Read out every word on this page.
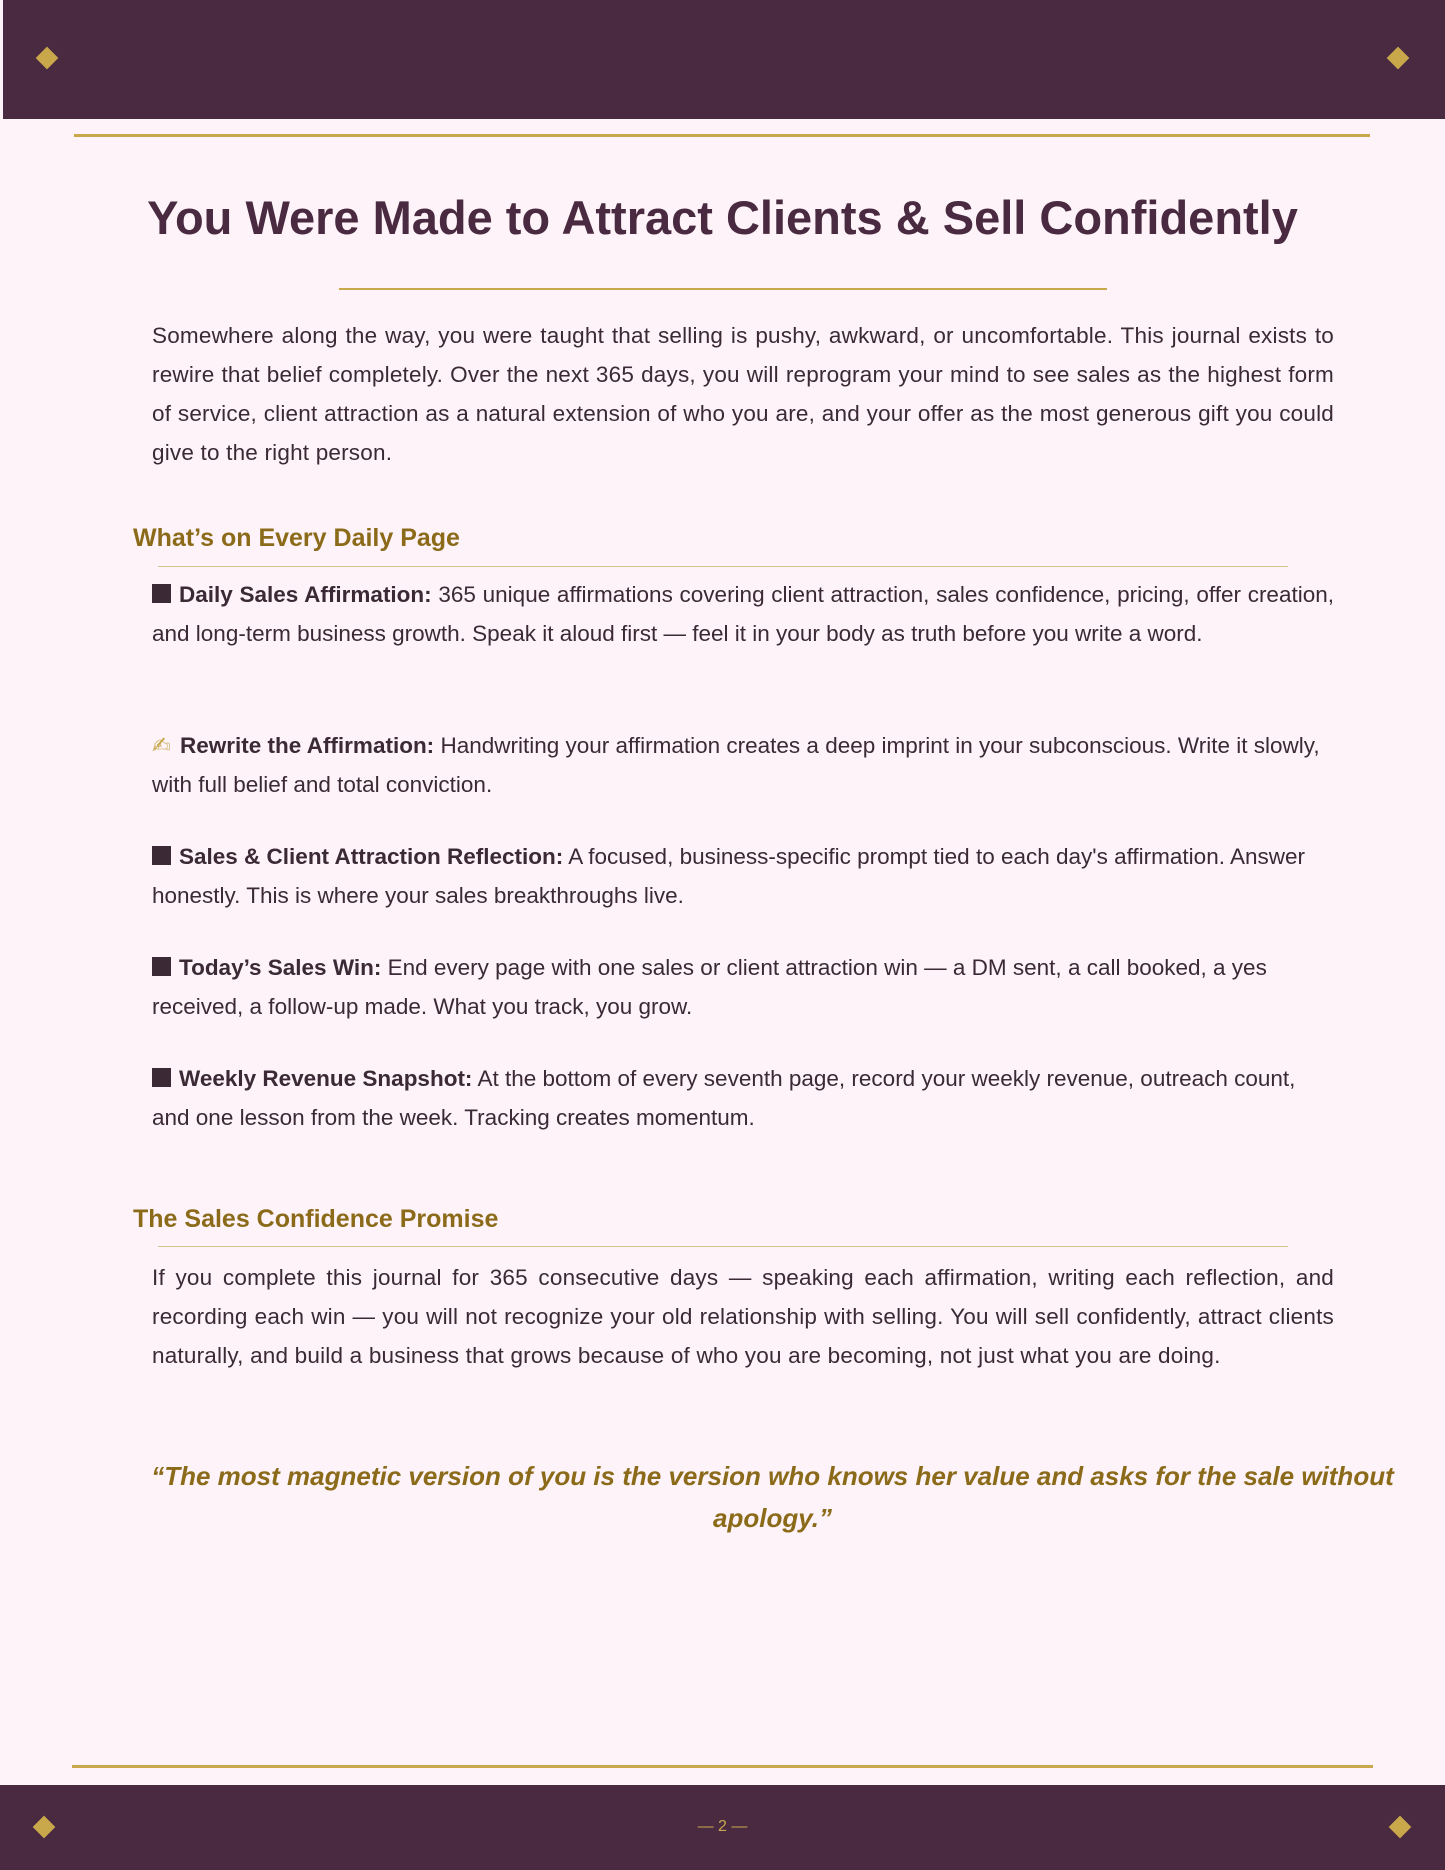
You Were Made to Attract Clients & Sell Confidently

Somewhere along the way, you were taught that selling is pushy, awkward, or uncomfortable. This journal exists to rewire that belief completely. Over the next 365 days, you will reprogram your mind to see sales as the highest form of service, client attraction as a natural extension of who you are, and your offer as the most generous gift you could give to the right person.

What’s on Every Daily Page

Daily Sales Affirmation: 365 unique affirmations covering client attraction, sales confidence, pricing, offer creation, and long-term business growth. Speak it aloud first — feel it in your body as truth before you write a word.

✍ Rewrite the Affirmation: Handwriting your affirmation creates a deep imprint in your subconscious. Write it slowly, with full belief and total conviction.

Sales & Client Attraction Reflection: A focused, business-specific prompt tied to each day's affirmation. Answer honestly. This is where your sales breakthroughs live.

Today’s Sales Win: End every page with one sales or client attraction win — a DM sent, a call booked, a yes received, a follow-up made. What you track, you grow.

Weekly Revenue Snapshot: At the bottom of every seventh page, record your weekly revenue, outreach count, and one lesson from the week. Tracking creates momentum.

The Sales Confidence Promise

If you complete this journal for 365 consecutive days — speaking each affirmation, writing each reflection, and recording each win — you will not recognize your old relationship with selling. You will sell confidently, attract clients naturally, and build a business that grows because of who you are becoming, not just what you are doing.

“The most magnetic version of you is the version who knows her value and asks for the sale without apology.”

— 2 —
